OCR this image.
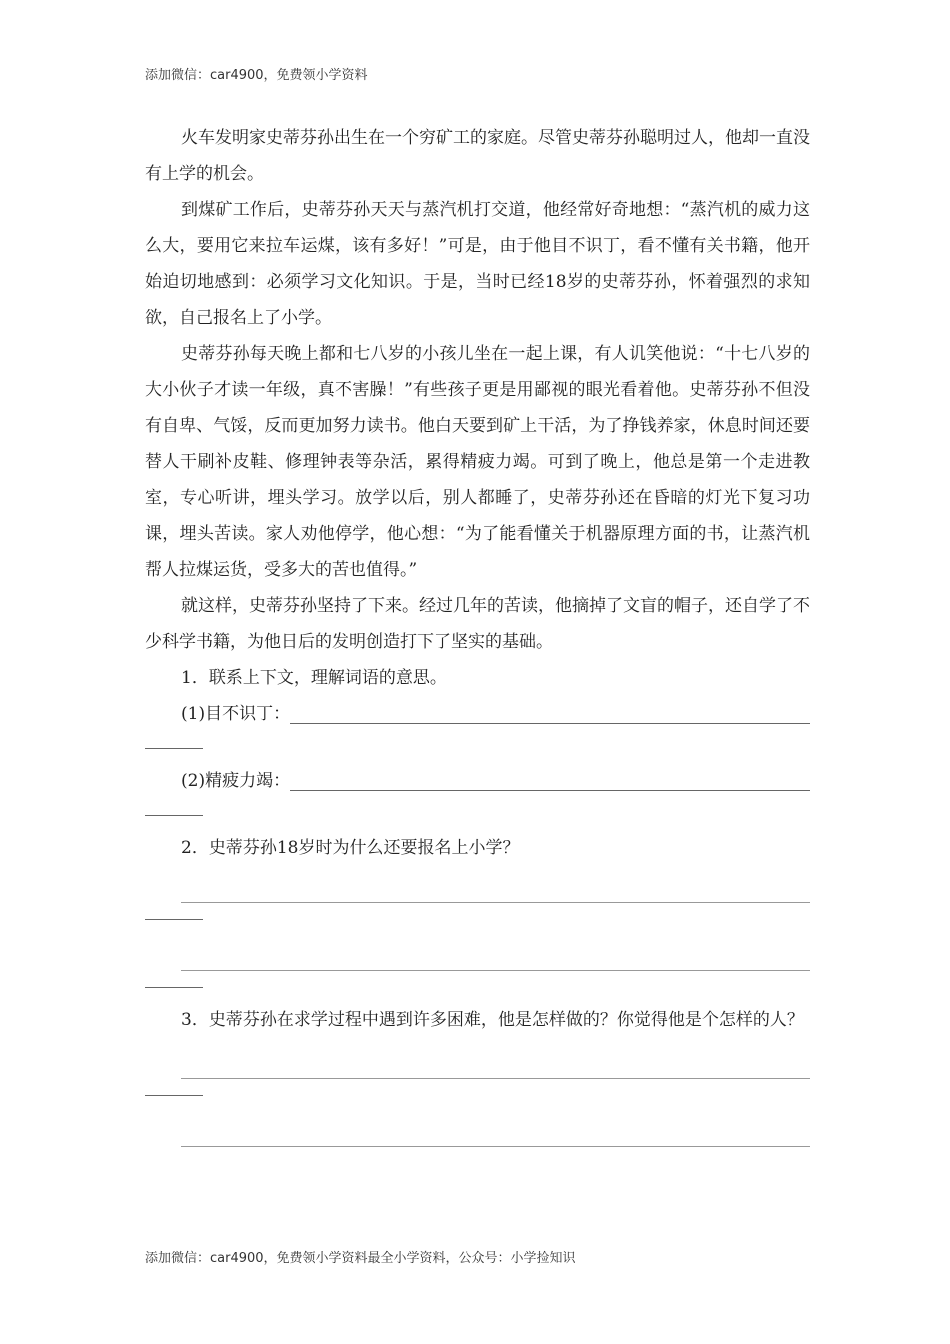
添加微信：car4900，免费领小学资料

火车发明家史蒂芬孙出生在一个穷矿工的家庭。尽管史蒂芬孙聪明过人，他却一直没有上学的机会。

到煤矿工作后，史蒂芬孙天天与蒸汽机打交道，他经常好奇地想：“蒸汽机的威力这么大，要用它来拉车运煤，该有多好！”可是，由于他目不识丁，看不懂有关书籍，他开始迫切地感到：必须学习文化知识。于是，当时已经18岁的史蒂芬孙，怀着强烈的求知欲，自己报名上了小学。

史蒂芬孙每天晚上都和七八岁的小孩儿坐在一起上课，有人讥笑他说：“十七八岁的大小伙子才读一年级，真不害臊！”有些孩子更是用鄙视的眼光看着他。史蒂芬孙不但没有自卑、气馁，反而更加努力读书。他白天要到矿上干活，为了挣钱养家，休息时间还要替人干刷补皮鞋、修理钟表等杂活，累得精疲力竭。可到了晚上，他总是第一个走进教室，专心听讲，埋头学习。放学以后，别人都睡了，史蒂芬孙还在昏暗的灯光下复习功课，埋头苦读。家人劝他停学，他心想：“为了能看懂关于机器原理方面的书，让蒸汽机帮人拉煤运货，受多大的苦也值得。”

就这样，史蒂芬孙坚持了下来。经过几年的苦读，他摘掉了文盲的帽子，还自学了不少科学书籍，为他日后的发明创造打下了坚实的基础。

1．联系上下文，理解词语的意思。

(1)目不识丁：
(2)精疲力竭：

2．史蒂芬孙18岁时为什么还要报名上小学？

3．史蒂芬孙在求学过程中遇到许多困难，他是怎样做的？你觉得他是个怎样的人？

添加微信：car4900，免费领小学资料最全小学资料，公众号：小学捡知识
